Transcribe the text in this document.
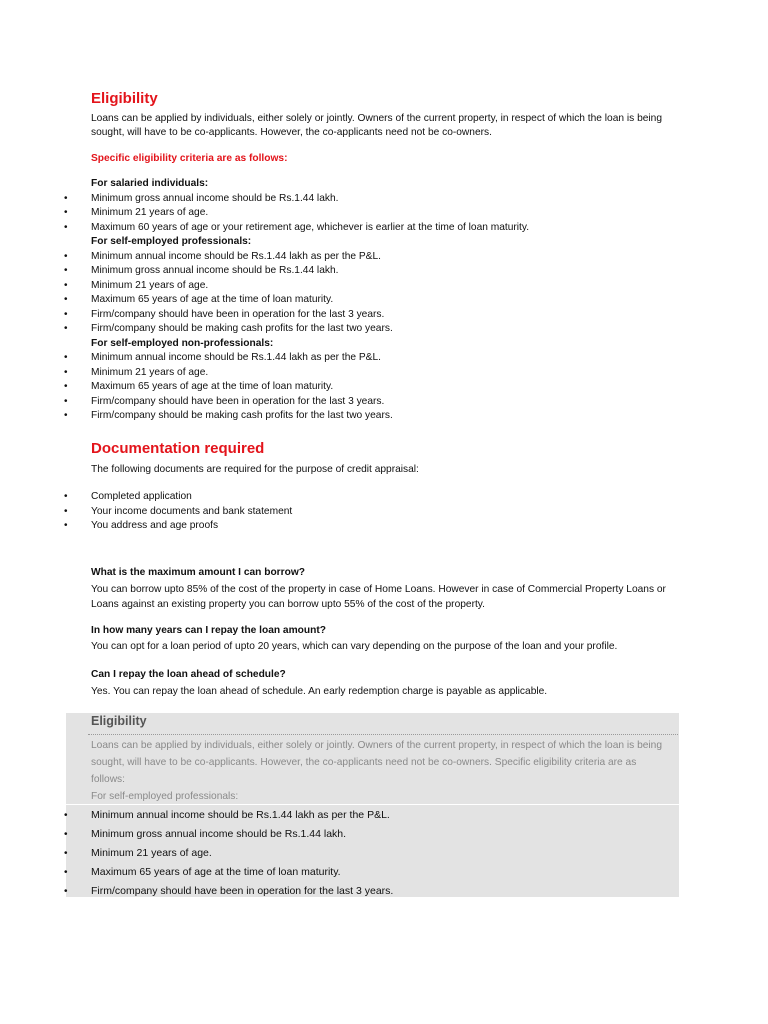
Eligibility

Loans can be applied by individuals, either solely or jointly. Owners of the current property, in respect of which the loan is being sought, will have to be co-applicants. However, the co-applicants need not be co-owners.

Specific eligibility criteria are as follows:

For salaried individuals:
• Minimum gross annual income should be Rs.1.44 lakh.
• Minimum 21 years of age.
• Maximum 60 years of age or your retirement age, whichever is earlier at the time of loan maturity.
For self-employed professionals:
• Minimum annual income should be Rs.1.44 lakh as per the P&L.
• Minimum gross annual income should be Rs.1.44 lakh.
• Minimum 21 years of age.
• Maximum 65 years of age at the time of loan maturity.
• Firm/company should have been in operation for the last 3 years.
• Firm/company should be making cash profits for the last two years.
For self-employed non-professionals:
• Minimum annual income should be Rs.1.44 lakh as per the P&L.
• Minimum 21 years of age.
• Maximum 65 years of age at the time of loan maturity.
• Firm/company should have been in operation for the last 3 years.
• Firm/company should be making cash profits for the last two years.
Documentation required

The following documents are required for the purpose of credit appraisal:

• Completed application
• Your income documents and bank statement
• You address and age proofs

What is the maximum amount I can borrow?

You can borrow upto 85% of the cost of the property in case of Home Loans. However in case of Commercial Property Loans or Loans against an existing property you can borrow upto 55% of the cost of the property.

In how many years can I repay the loan amount?

You can opt for a loan period of upto 20 years, which can vary depending on the purpose of the loan and your profile.

Can I repay the loan ahead of schedule?

Yes. You can repay the loan ahead of schedule. An early redemption charge is payable as applicable.

Eligibility

Loans can be applied by individuals, either solely or jointly. Owners of the current property, in respect of which the loan is being sought, will have to be co-applicants. However, the co-applicants need not be co-owners. Specific eligibility criteria are as follows:
For self-employed professionals:

• Minimum annual income should be Rs.1.44 lakh as per the P&L.
• Minimum gross annual income should be Rs.1.44 lakh.
• Minimum 21 years of age.
• Maximum 65 years of age at the time of loan maturity.
• Firm/company should have been in operation for the last 3 years.
